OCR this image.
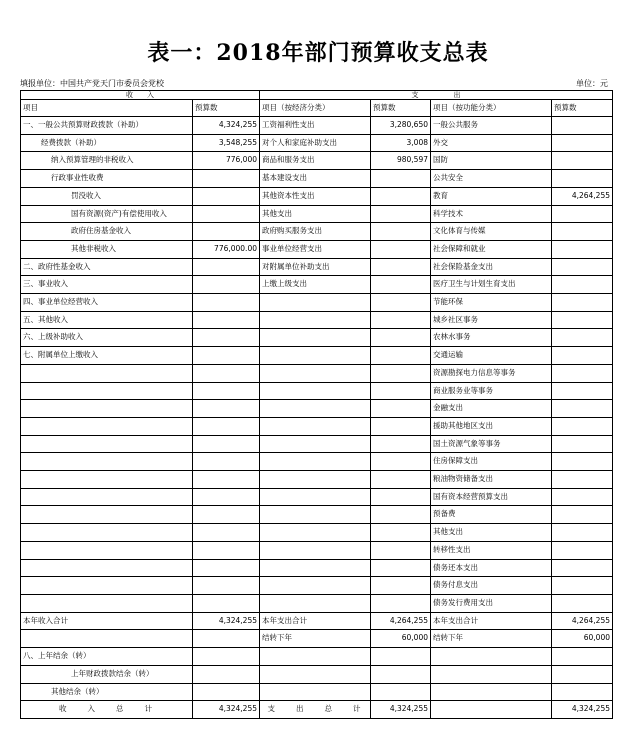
表一：2018年部门预算收支总表
填报单位：中国共产党天门市委员会党校	单位：元
收　　入		支　　　　　出			
项目	预算数	项目（按经济分类）	预算数	项目（按功能分类）	预算数
一、一般公共预算财政拨款（补助）	4,324,255	工资福利性支出	3,280,650	一般公共服务	
经费拨款（补助）	3,548,255	对个人和家庭补助支出	3,008	外交	
纳入预算管理的非税收入	776,000	商品和服务支出	980,597	国防	
行政事业性收费		基本建设支出		公共安全	
罚没收入		其他资本性支出		教育	4,264,255
国有资源(资产)有偿使用收入		其他支出		科学技术	
政府住房基金收入		政府购买服务支出		文化体育与传媒	
其他非税收入	776,000.00	事业单位经营支出		社会保障和就业	
二、政府性基金收入		对附属单位补助支出		社会保险基金支出	
三、事业收入		上缴上级支出		医疗卫生与计划生育支出	
四、事业单位经营收入				节能环保	
五、其他收入				城乡社区事务	
六、上级补助收入				农林水事务	
七、附属单位上缴收入				交通运输	
				资源勘探电力信息等事务	
				商业服务业等事务	
				金融支出	
				援助其他地区支出	
				国土资源气象等事务	
				住房保障支出	
				粮油物资储备支出	
				国有资本经营预算支出	
				预备费	
				其他支出	
				转移性支出	
				债务还本支出	
				债务付息支出	
				债务发行费用支出	
本年收入合计	4,324,255	本年支出合计	4,264,255	本年支出合计	4,264,255
		结转下年	60,000	结转下年	60,000
八、上年结余（转）					
上年财政拨款结余（转）					
其他结余（转）					
收　　入　　总　　计	4,324,255	支　　出　　总　　计	4,324,255		4,324,255
